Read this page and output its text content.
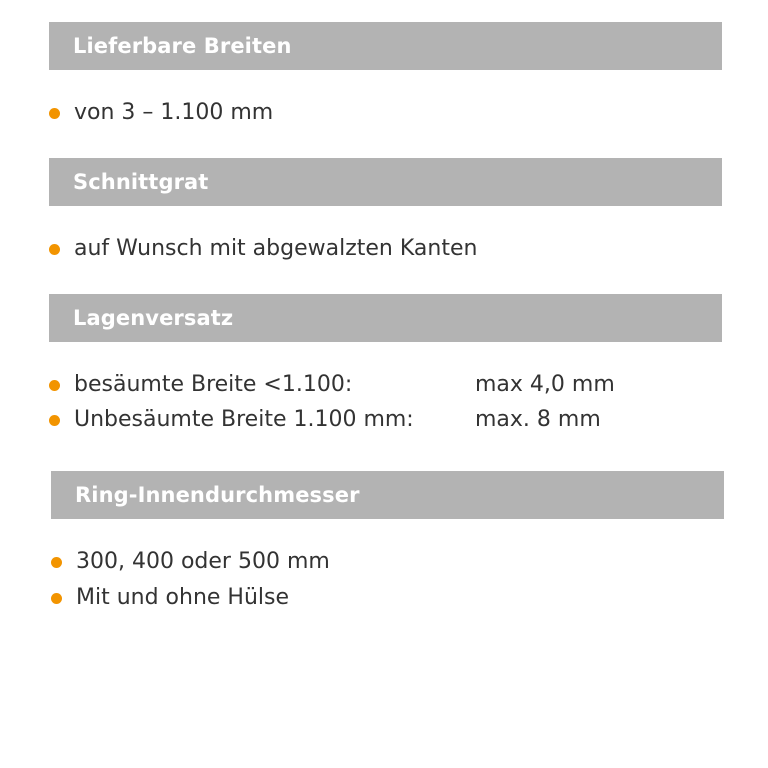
Lieferbare Breiten
von 3 – 1.100 mm
Schnittgrat
auf Wunsch mit abgewalzten Kanten
Lagenversatz
besäumte Breite <1.100:	max 4,0 mm
Unbesäumte Breite 1.100 mm:	max. 8 mm
Ring-Innendurchmesser
300, 400 oder 500 mm
Mit und ohne Hülse
